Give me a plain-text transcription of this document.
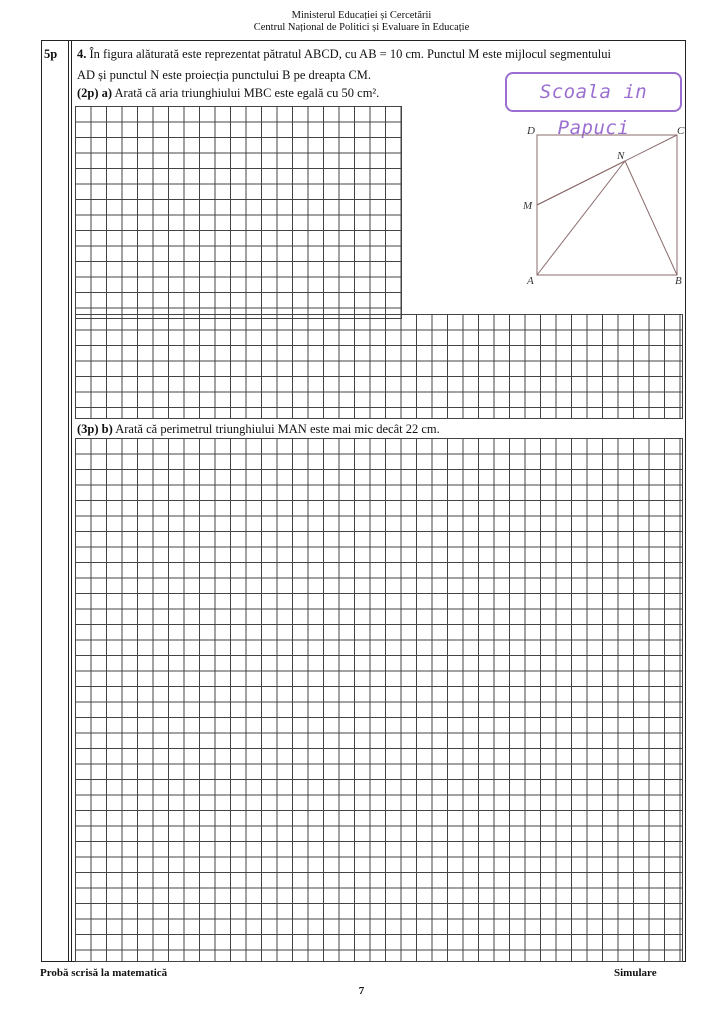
Ministerul Educației și Cercetării
Centrul Național de Politici și Evaluare în Educație
5p 4. În figura alăturată este reprezentat pătratul ABCD, cu AB = 10 cm. Punctul M este mijlocul segmentului
AD și punctul N este proiecția punctului B pe dreapta CM.
(2p) a) Arată că aria triunghiului MBC este egală cu 50 cm².	Scoala in Papuci
D	C
M
N
A	B
(3p) b) Arată că perimetrul triunghiului MAN este mai mic decât 22 cm.
Probă scrisă la matematică	Simulare
7
